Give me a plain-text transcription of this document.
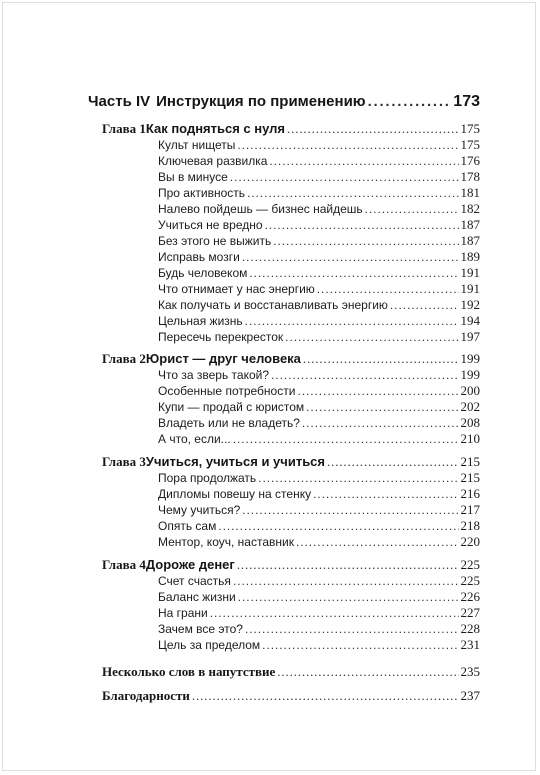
Часть IV Инструкция по применению . . .	173
Глава 1 Как подняться с нуля . . .	175
Культ нищеты . . .	175
Ключевая развилка . . .	176
Вы в минусе . . .	178
Про активность . . .	181
Налево пойдешь — бизнес найдешь . . .	182
Учиться не вредно . . .	187
Без этого не выжить . . .	187
Исправь мозги . . .	189
Будь человеком . . .	191
Что отнимает у нас энергию . . .	191
Как получать и восстанавливать энергию . . .	192
Цельная жизнь . . .	194
Пересечь перекресток . . .	197
Глава 2 Юрист — друг человека . . .	199
Что за зверь такой? . . .	199
Особенные потребности . . .	200
Купи — продай с юристом . . .	202
Владеть или не владеть? . . .	208
А что, если... . . .	210
Глава 3 Учиться, учиться и учиться . . .	215
Пора продолжать . . .	215
Дипломы повешу на стенку . . .	216
Чему учиться? . . .	217
Опять сам . . .	218
Ментор, коуч, наставник . . .	220
Глава 4 Дороже денег . . .	225
Счет счастья . . .	225
Баланс жизни . . .	226
На грани . . .	227
Зачем все это? . . .	228
Цель за пределом . . .	231
Несколько слов в напутствие . . .	235
Благодарности . . .	237
